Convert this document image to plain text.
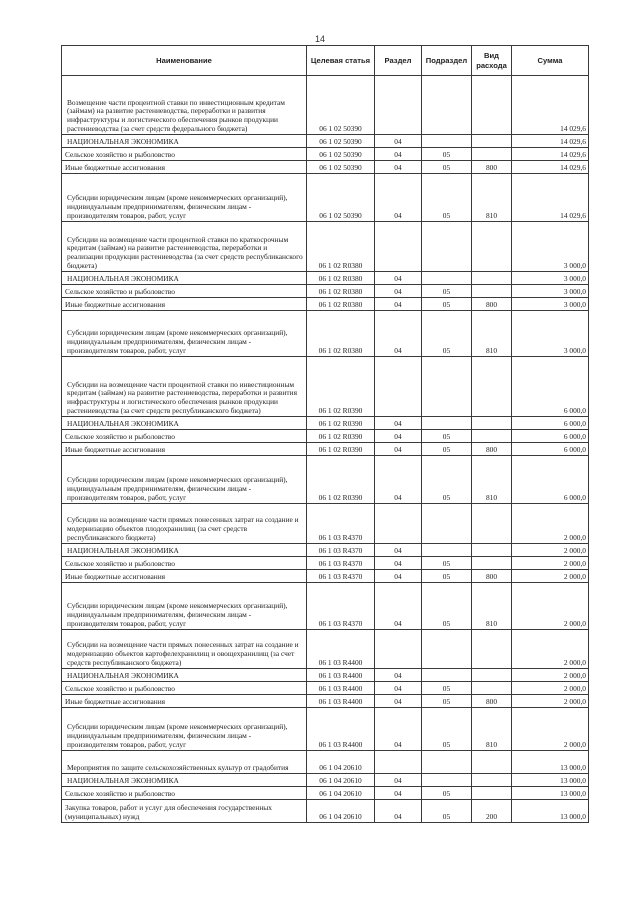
14
Наименование	Целевая статья	Раздел	Подраздел	Вид расхода	Сумма
Возмещение части процентной ставки по инвестиционным кредитам (займам) на развитие растениеводства, переработки и развития инфраструктуры и логистического обеспечения рынков продукции растениеводства (за счет средств федерального бюджета)	06 1 02 50390				14 029,6
НАЦИОНАЛЬНАЯ ЭКОНОМИКА	06 1 02 50390	04			14 029,6
Сельское хозяйство и рыболовство	06 1 02 50390	04	05		14 029,6
Иные бюджетные ассигнования	06 1 02 50390	04	05	800	14 029,6
Субсидии юридическим лицам (кроме некоммерческих организаций), индивидуальным предпринимателям, физическим лицам - производителям товаров, работ, услуг	06 1 02 50390	04	05	810	14 029,6
Субсидии на возмещение части процентной ставки по краткосрочным кредитам (займам) на развитие растениеводства, переработки и реализации продукции растениеводства (за счет средств республиканского бюджета)	06 1 02 R0380				3 000,0
НАЦИОНАЛЬНАЯ ЭКОНОМИКА	06 1 02 R0380	04			3 000,0
Сельское хозяйство и рыболовство	06 1 02 R0380	04	05		3 000,0
Иные бюджетные ассигнования	06 1 02 R0380	04	05	800	3 000,0
Субсидии юридическим лицам (кроме некоммерческих организаций), индивидуальным предпринимателям, физическим лицам - производителям товаров, работ, услуг	06 1 02 R0380	04	05	810	3 000,0
Субсидии на возмещение части процентной ставки по инвестиционным кредитам (займам) на развитие растениеводства, переработки и развития инфраструктуры и логистического обеспечения рынков продукции растениеводства (за счет средств республиканского бюджета)	06 1 02 R0390				6 000,0
НАЦИОНАЛЬНАЯ ЭКОНОМИКА	06 1 02 R0390	04			6 000,0
Сельское хозяйство и рыболовство	06 1 02 R0390	04	05		6 000,0
Иные бюджетные ассигнования	06 1 02 R0390	04	05	800	6 000,0
Субсидии юридическим лицам (кроме некоммерческих организаций), индивидуальным предпринимателям, физическим лицам - производителям товаров, работ, услуг	06 1 02 R0390	04	05	810	6 000,0
Субсидии на возмещение части прямых понесенных затрат на создание и модернизацию объектов плодохранилищ (за счет средств республиканского бюджета)	06 1 03 R4370				2 000,0
НАЦИОНАЛЬНАЯ ЭКОНОМИКА	06 1 03 R4370	04			2 000,0
Сельское хозяйство и рыболовство	06 1 03 R4370	04	05		2 000,0
Иные бюджетные ассигнования	06 1 03 R4370	04	05	800	2 000,0
Субсидии юридическим лицам (кроме некоммерческих организаций), индивидуальным предпринимателям, физическим лицам - производителям товаров, работ, услуг	06 1 03 R4370	04	05	810	2 000,0
Субсидии на возмещение части прямых понесенных затрат на создание и модернизацию объектов картофелехранилищ и овощехранилищ (за счет средств республиканского бюджета)	06 1 03 R4400				2 000,0
НАЦИОНАЛЬНАЯ ЭКОНОМИКА	06 1 03 R4400	04			2 000,0
Сельское хозяйство и рыболовство	06 1 03 R4400	04	05		2 000,0
Иные бюджетные ассигнования	06 1 03 R4400	04	05	800	2 000,0
Субсидии юридическим лицам (кроме некоммерческих организаций), индивидуальным предпринимателям, физическим лицам - производителям товаров, работ, услуг	06 1 03 R4400	04	05	810	2 000,0
Мероприятия по защите сельскохозяйственных культур от градобития	06 1 04 20610				13 000,0
НАЦИОНАЛЬНАЯ ЭКОНОМИКА	06 1 04 20610	04			13 000,0
Сельское хозяйство и рыболовство	06 1 04 20610	04	05		13 000,0
Закупка товаров, работ и услуг для обеспечения государственных (муниципальных) нужд	06 1 04 20610	04	05	200	13 000,0
